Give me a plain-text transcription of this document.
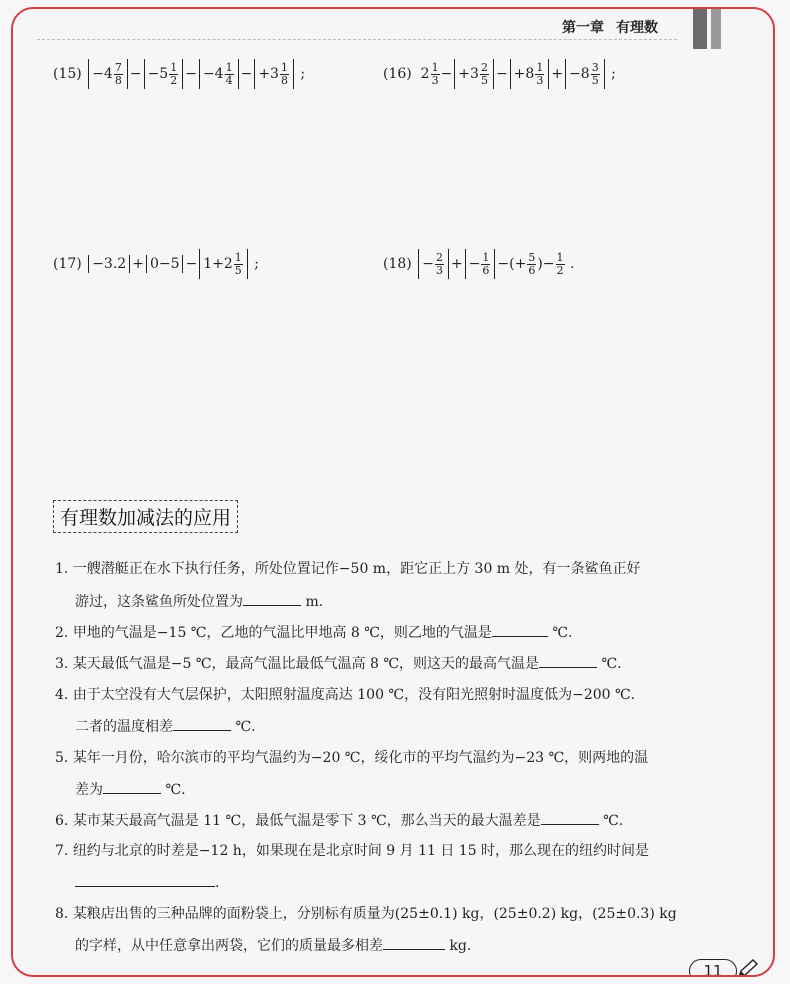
第一章 有理数
(15)
$-4 \frac{7}{8} - -5 \frac{1}{2} - -4 \frac{1}{4} - +3 \frac{1}{8}$
;	(16) $2 \frac{1}{3} - +3 \frac{2}{5} - +8 \frac{1}{3} + -8 \frac{3}{5}$
;
(17)
$-3.2 + 0-5 - 1+2 \frac{1}{5}$
;	(18)
− $\frac{2}{3}$ + − $\frac{1}{6}$ −(+ $\frac{5}{6}$ )− $\frac{1}{2}$
.
有理数加减法的应用
1. 一艘潜艇正在水下执行任务，所处位置记作−50 m，距它正上方 30 m 处，有一条鲨鱼正好
游过，这条鲨鱼所处位置为	m.
2. 甲地的气温是−15 ℃，乙地的气温比甲地高 8 ℃，则乙地的气温是	℃.
3. 某天最低气温是−5 ℃，最高气温比最低气温高 8 ℃，则这天的最高气温是	℃.
4. 由于太空没有大气层保护，太阳照射温度高达 100 ℃，没有阳光照射时温度低为−200 ℃.
二者的温度相差	℃.
5. 某年一月份，哈尔滨市的平均气温约为−20 ℃，绥化市的平均气温约为−23 ℃，则两地的温
差为	℃.
6. 某市某天最高气温是 11 ℃，最低气温是零下 3 ℃，那么当天的最大温差是	℃.
7. 纽约与北京的时差是−12 h，如果现在是北京时间 9 月 11 日 15 时，那么现在的纽约时间是
.
8. 某粮店出售的三种品牌的面粉袋上，分别标有质量为(25±0.1) kg，(25±0.2) kg，(25±0.3) kg
的字样，从中任意拿出两袋，它们的质量最多相差	kg.
11
